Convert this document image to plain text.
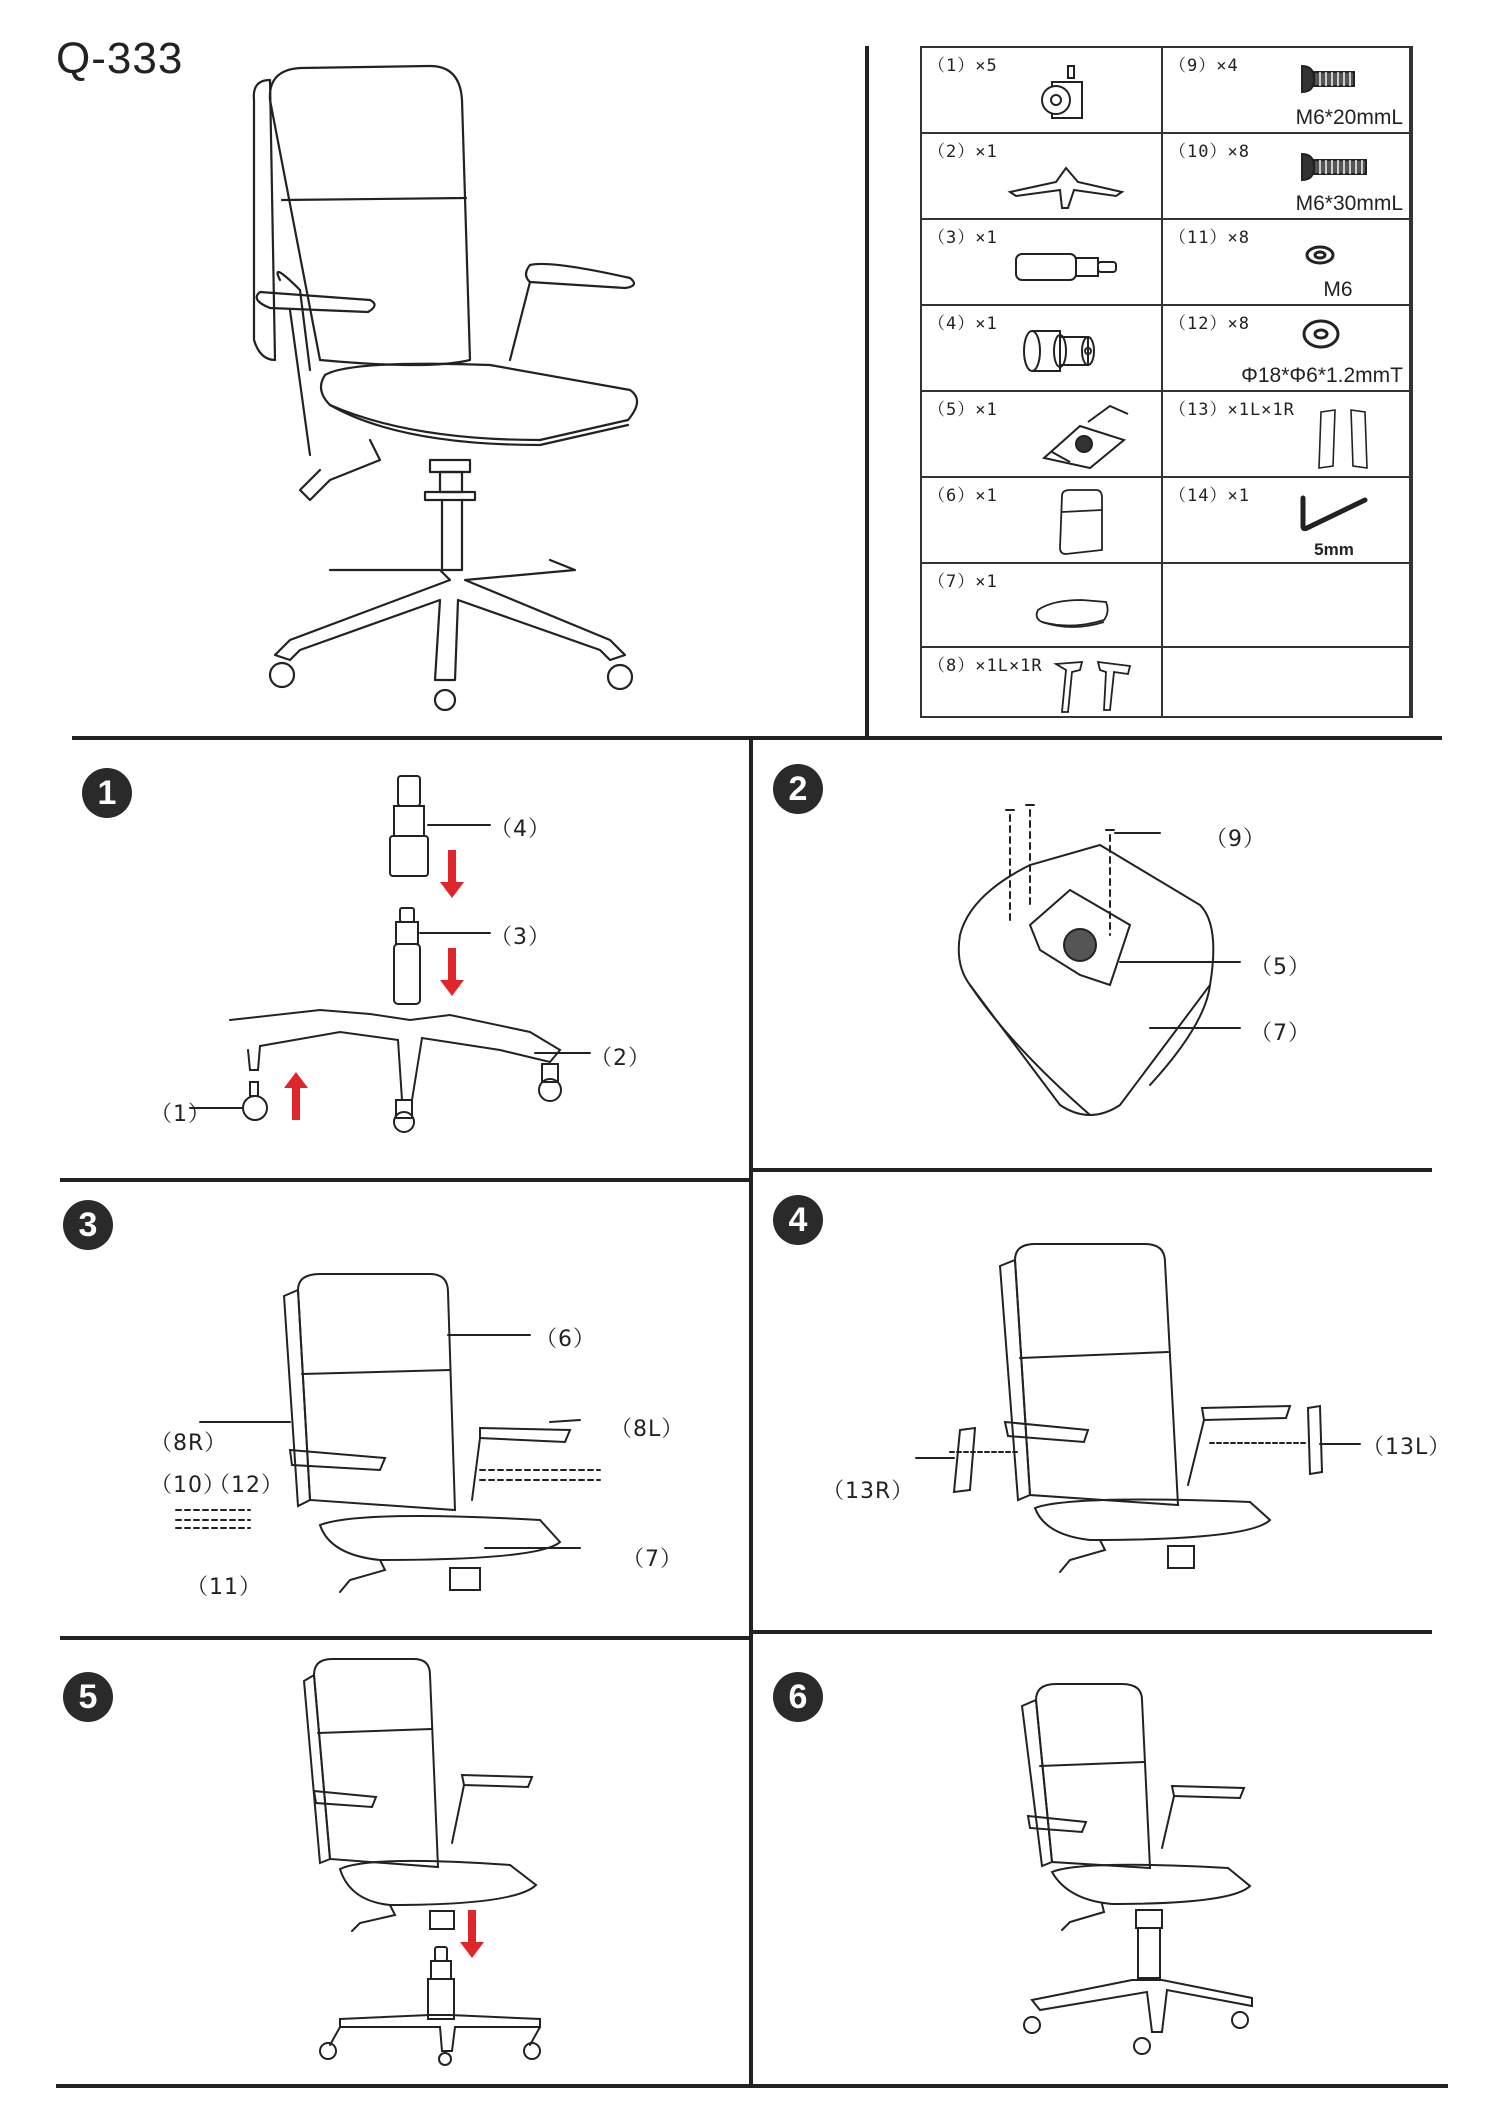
Q-333	（1）×5	（9）×4
M6*20mmL
（2）×1	（10）×8
M6*30mmL
（3）×1	（11）×8
M6
（4）×1	（12）×8
Φ18*Φ6*1.2mmT
（5）×1	（13）×1L×1R
（6）×1	（14）×1
5mm
（7）×1
（8）×1L×1R
1
（4）
（3）
（2）
（1）
2
（9）
（5）
（7）
3
（6）
（8R）
（8L）
（10）
（12）
（11）
（7）
4
（13R）
（13L）
5	6
